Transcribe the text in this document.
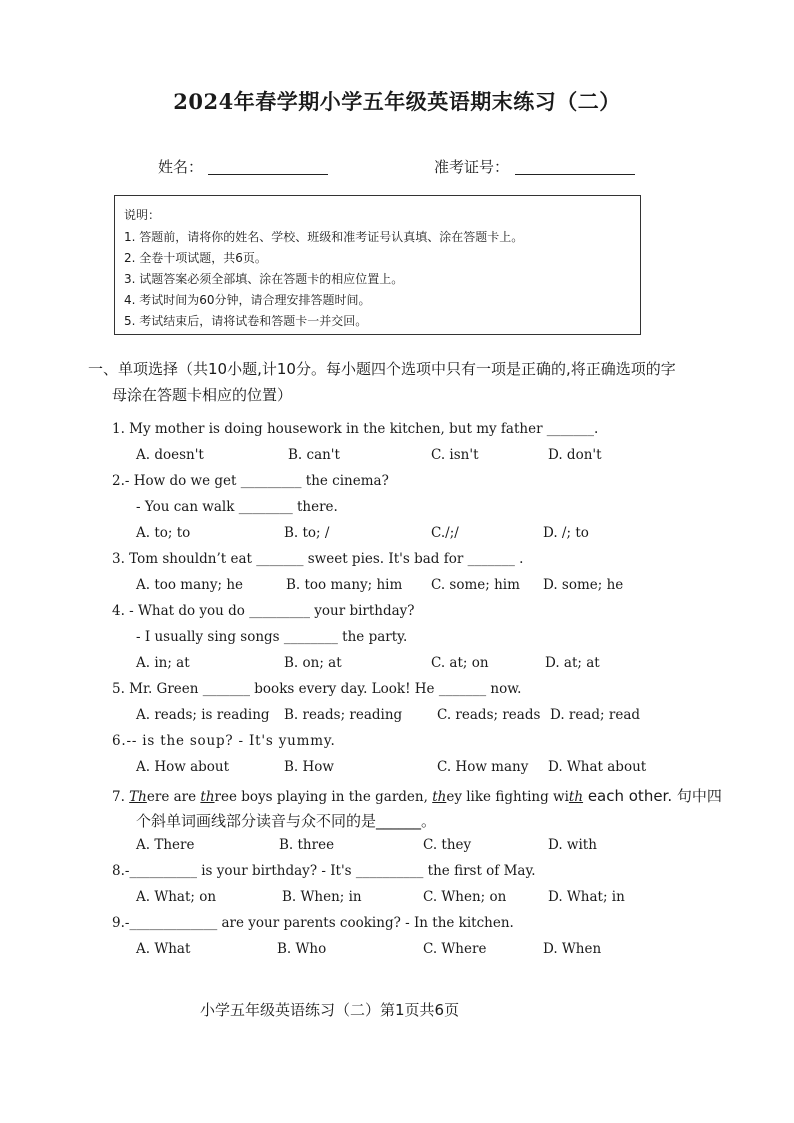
2024年春学期小学五年级英语期末练习（二）
姓名：	准考证号：
说明：
1. 答题前，请将你的姓名、学校、班级和准考证号认真填、涂在答题卡上。
2. 全卷十项试题，共6页。
3. 试题答案必须全部填、涂在答题卡的相应位置上。
4. 考试时间为60分钟，请合理安排答题时间。
5. 考试结束后，请将试卷和答题卡一并交回。
一、单项选择（共10小题,计10分。每小题四个选项中只有一项是正确的,将正确选项的字
母涂在答题卡相应的位置）
1. My mother is doing housework in the kitchen, but my father _______.
A. doesn't	B. can't	C. isn't	D. don't
2.- How do we get _________ the cinema?
- You can walk ________ there.
A. to; to	B. to; /	C./;/	D. /; to
3. Tom shouldn’t eat _______ sweet pies. It's bad for _______ .
A. too many; he	B. too many; him C. some; him D. some; he
4. - What do you do _________ your birthday?
- I usually sing songs ________ the party.
A. in; at	B. on; at	C. at; on	D. at; at
5. Mr. Green _______ books every day. Look! He _______ now.
A. reads; is reading B. reads; reading	C. reads; reads D. read; read
6.-- is the soup? - It's yummy.
A. How about	B. How	C. How many D. What about
7. There are three boys playing in the garden, they like fighting with each other. 句中四
个斜单词画线部分读音与众不同的是______。
A. There	B. three	C. they	D. with
8.-__________ is your birthday? - It's __________ the first of May.
A. What; on	B. When; in	C. When; on	D. What; in
9.-_____________ are your parents cooking? - In the kitchen.
A. What	B. Who	C. Where	D. When
小学五年级英语练习（二）第1页共6页
